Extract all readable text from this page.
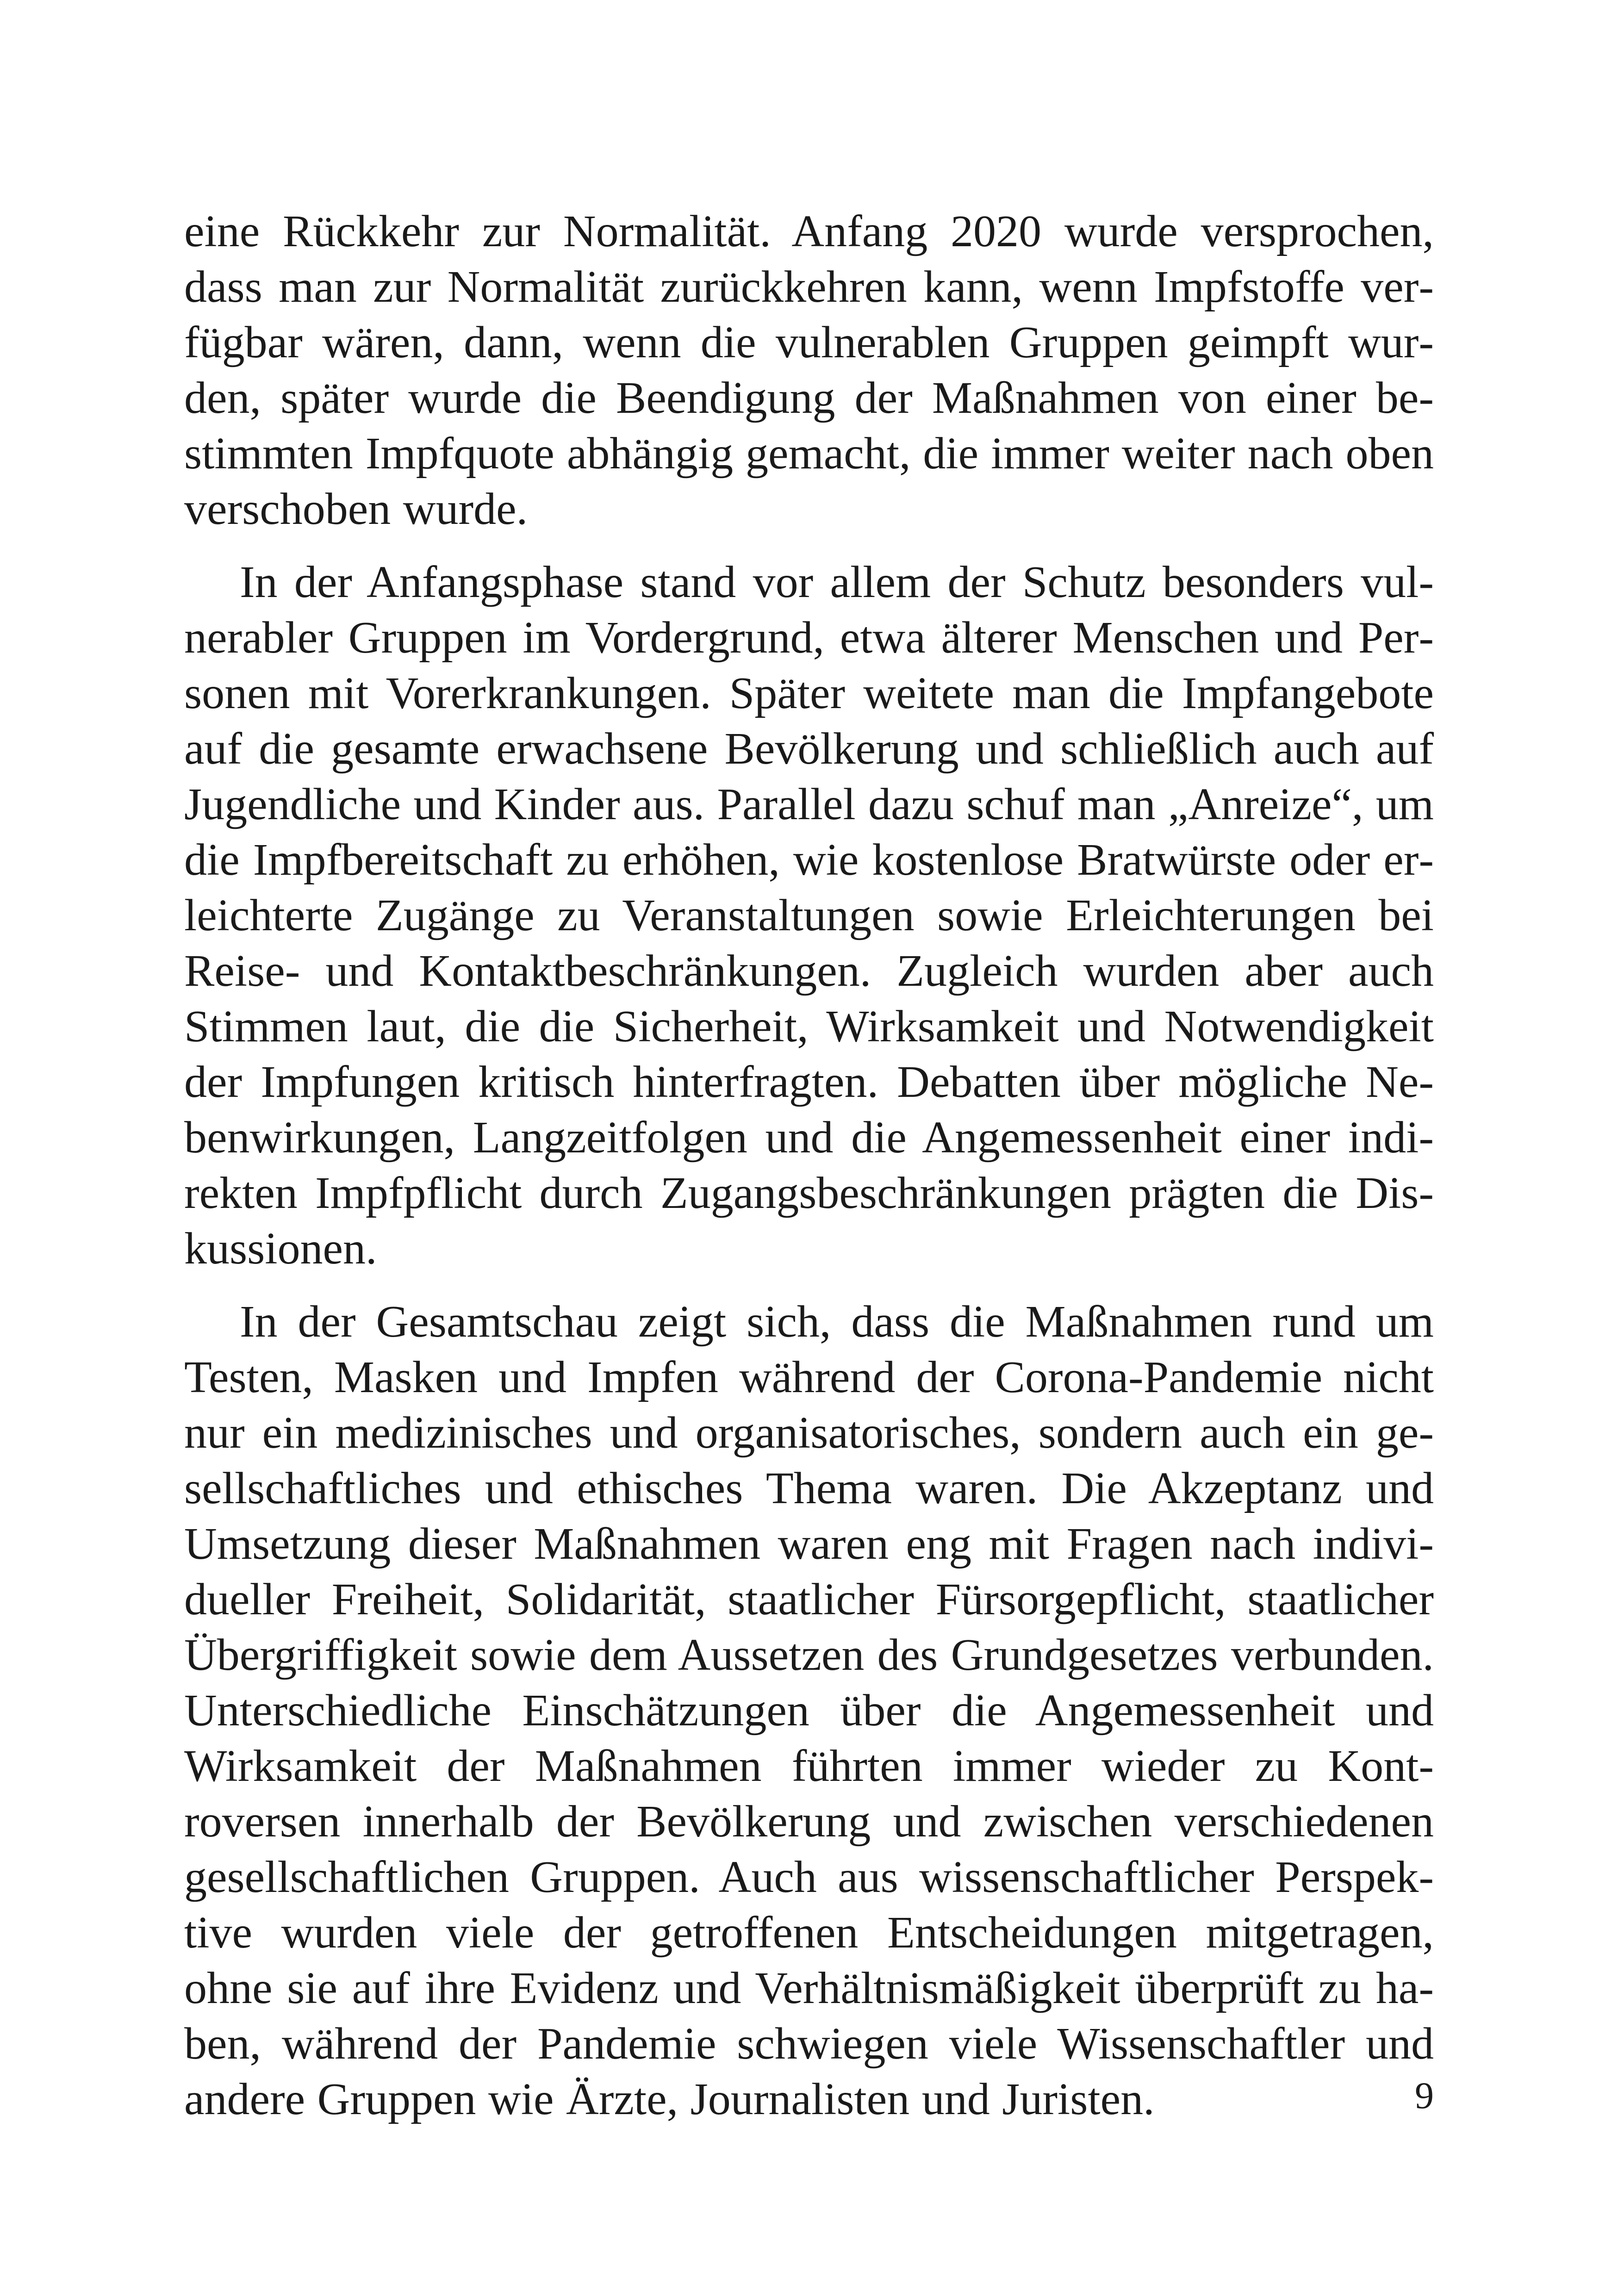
eine Rückkehr zur Normalität. Anfang 2020 wurde versprochen, dass man zur Normalität zurückkehren kann, wenn Impfstoffe verfügbar wären, dann, wenn die vulnerablen Gruppen geimpft wurden, später wurde die Beendigung der Maßnahmen von einer bestimmten Impfquote abhängig gemacht, die immer weiter nach oben verschoben wurde.

In der Anfangsphase stand vor allem der Schutz besonders vulnerabler Gruppen im Vordergrund, etwa älterer Menschen und Personen mit Vorerkrankungen. Später weitete man die Impfangebote auf die gesamte erwachsene Bevölkerung und schließlich auch auf Jugendliche und Kinder aus. Parallel dazu schuf man „Anreize“, um die Impfbereitschaft zu erhöhen, wie kostenlose Bratwürste oder erleichterte Zugänge zu Veranstaltungen sowie Erleichterungen bei Reise- und Kontaktbeschränkungen. Zugleich wurden aber auch Stimmen laut, die die Sicherheit, Wirksamkeit und Notwendigkeit der Impfungen kritisch hinterfragten. Debatten über mögliche Nebenwirkungen, Langzeitfolgen und die Angemessenheit einer indirekten Impfpflicht durch Zugangsbeschränkungen prägten die Diskussionen.

In der Gesamtschau zeigt sich, dass die Maßnahmen rund um Testen, Masken und Impfen während der Corona-Pandemie nicht nur ein medizinisches und organisatorisches, sondern auch ein gesellschaftliches und ethisches Thema waren. Die Akzeptanz und Umsetzung dieser Maßnahmen waren eng mit Fragen nach individueller Freiheit, Solidarität, staatlicher Fürsorgepflicht, staatlicher Übergriffigkeit sowie dem Aussetzen des Grundgesetzes verbunden. Unterschiedliche Einschätzungen über die Angemessenheit und Wirksamkeit der Maßnahmen führten immer wieder zu Kontroversen innerhalb der Bevölkerung und zwischen verschiedenen gesellschaftlichen Gruppen. Auch aus wissenschaftlicher Perspektive wurden viele der getroffenen Entscheidungen mitgetragen, ohne sie auf ihre Evidenz und Verhältnismäßigkeit überprüft zu haben, während der Pandemie schwiegen viele Wissenschaftler und andere Gruppen wie Ärzte, Journalisten und Juristen.	9
